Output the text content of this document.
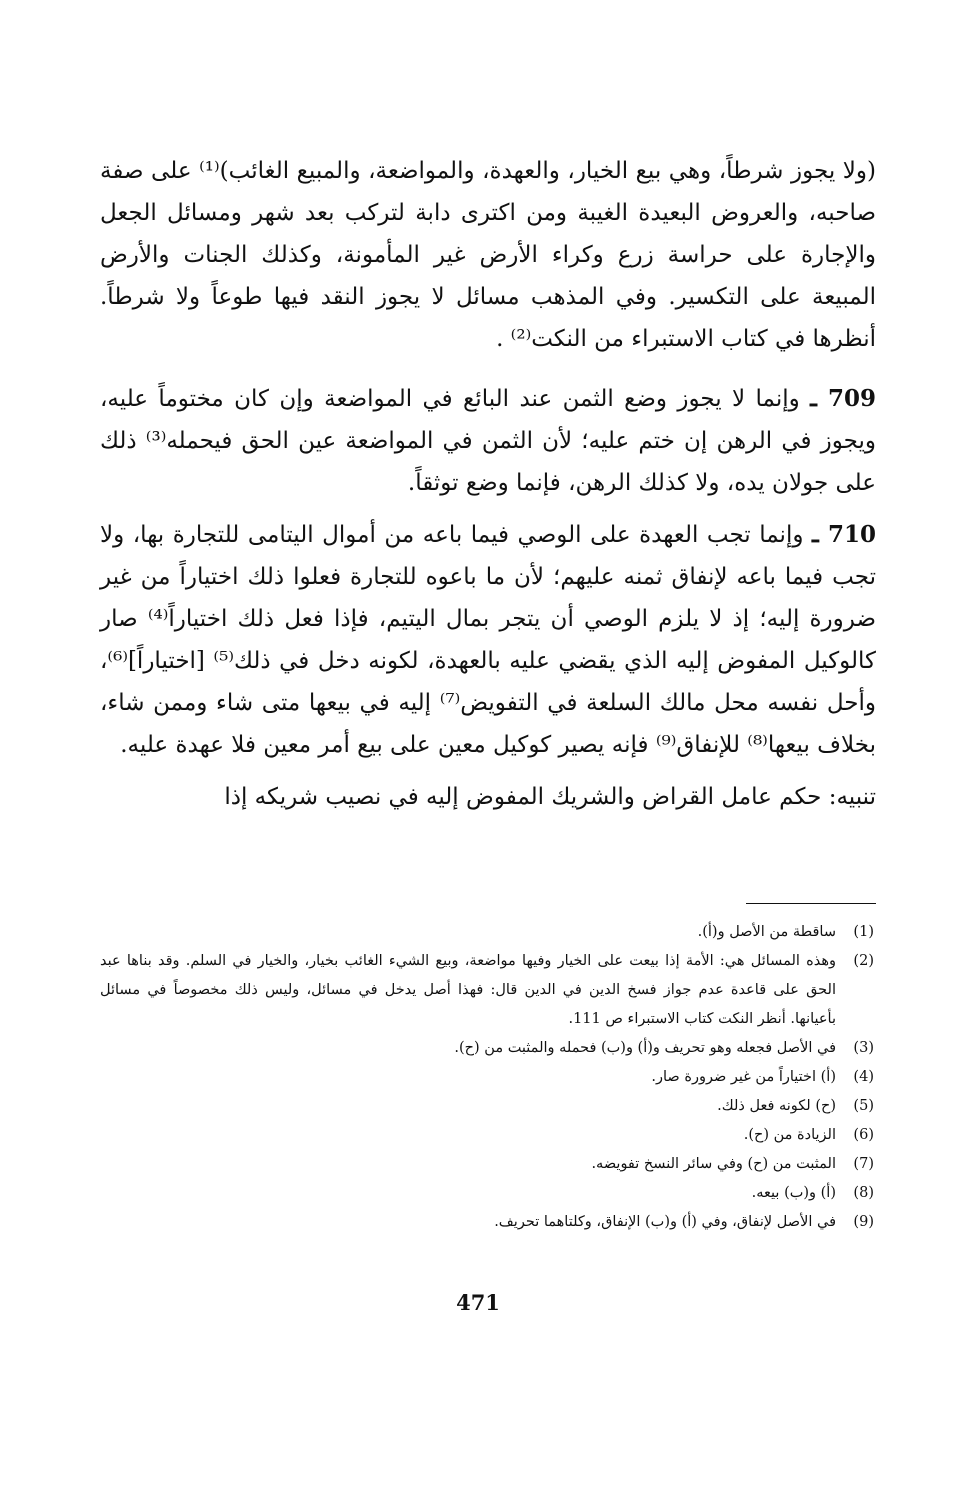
(ولا يجوز شرطاً، وهي بيع الخيار، والعهدة، والمواضعة، والمبيع الغائب)⁽¹⁾ على صفة صاحبه، والعروض البعيدة الغيبة ومن اكترى دابة لتركب بعد شهر ومسائل الجعل والإجارة على حراسة زرع وكراء الأرض غير المأمونة، وكذلك الجنات والأرض المبيعة على التكسير. وفي المذهب مسائل لا يجوز النقد فيها طوعاً ولا شرطاً. أنظرها في كتاب الاستبراء من النكت⁽²⁾ .

709 ـ وإنما لا يجوز وضع الثمن عند البائع في المواضعة وإن كان مختوماً عليه، ويجوز في الرهن إن ختم عليه؛ لأن الثمن في المواضعة عين الحق فيحمله⁽³⁾ ذلك على جولان يده، ولا كذلك الرهن، فإنما وضع توثقاً.

710 ـ وإنما تجب العهدة على الوصي فيما باعه من أموال اليتامى للتجارة بها، ولا تجب فيما باعه لإنفاق ثمنه عليهم؛ لأن ما باعوه للتجارة فعلوا ذلك اختياراً من غير ضرورة إليه؛ إذ لا يلزم الوصي أن يتجر بمال اليتيم، فإذا فعل ذلك اختياراً⁽⁴⁾ صار كالوكيل المفوض إليه الذي يقضي عليه بالعهدة، لكونه دخل في ذلك⁽⁵⁾ [اختياراً]⁽⁶⁾، وأحل نفسه محل مالك السلعة في التفويض⁽⁷⁾ إليه في بيعها متى شاء وممن شاء، بخلاف بيعها⁽⁸⁾ للإنفاق⁽⁹⁾ فإنه يصير كوكيل معين على بيع أمر معين فلا عهدة عليه.

تنبيه: حكم عامل القراض والشريك المفوض إليه في نصيب شريكه إذا

(1)
ساقطة من الأصل و(أ).
(2)
وهذه المسائل هي: الأمة إذا بيعت على الخيار وفيها مواضعة، وبيع الشيء الغائب بخيار، والخيار في السلم. وقد بناها عبد الحق على قاعدة عدم جواز فسخ الدين في الدين قال: فهذا أصل يدخل في مسائل، وليس ذلك مخصوصاً في مسائل بأعيانها. أنظر النكت كتاب الاستبراء ص 111.
(3)
في الأصل فجعله وهو تحريف و(أ) و(ب) فحمله والمثبت من (ح).
(4)
(أ) اختياراً من غير ضرورة صار.
(5)
(ح) لكونه فعل ذلك.
(6)
الزيادة من (ح).
(7)
المثبت من (ح) وفي سائر النسخ تفويضه.
(8)
(أ) و(ب) بيعه.
(9)
في الأصل لإنفاق، وفي (أ) و(ب) الإنفاق، وكلتاهما تحريف.
471
